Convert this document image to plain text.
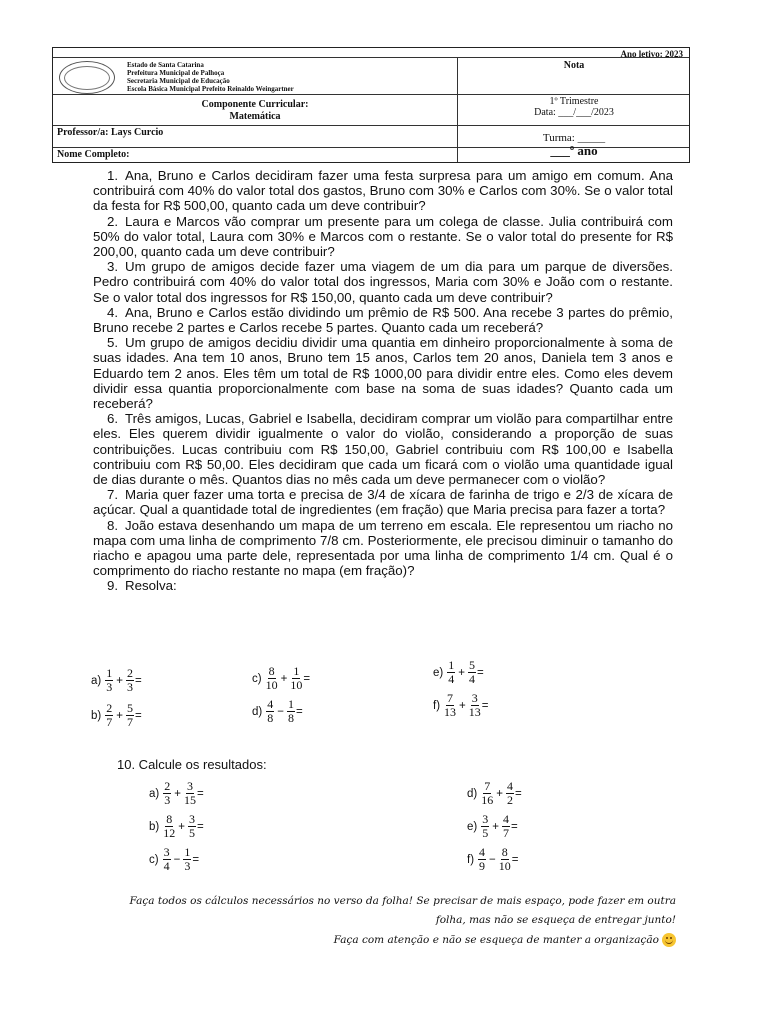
Ano letivo: 2023
Estado de Santa Catarina
Prefeitura Municipal de Palhoça
Secretaria Municipal de Educação
Escola Básica Municipal Prefeito Reinaldo Weingartner
Nota
Componente Curricular:
Matemática
1º Trimestre
Data: ___/___/2023
Professor/a: Lays Curcio	Turma: _____
Nome Completo:	___º ano

1. Ana, Bruno e Carlos decidiram fazer uma festa surpresa para um amigo em comum. Ana contribuirá com 40% do valor total dos gastos, Bruno com 30% e Carlos com 30%. Se o valor total da festa for R$ 500,00, quanto cada um deve contribuir?

2. Laura e Marcos vão comprar um presente para um colega de classe. Julia contribuirá com 50% do valor total, Laura com 30% e Marcos com o restante. Se o valor total do presente for R$ 200,00, quanto cada um deve contribuir?

3. Um grupo de amigos decide fazer uma viagem de um dia para um parque de diversões. Pedro contribuirá com 40% do valor total dos ingressos, Maria com 30% e João com o restante. Se o valor total dos ingressos for R$ 150,00, quanto cada um deve contribuir?

4. Ana, Bruno e Carlos estão dividindo um prêmio de R$ 500. Ana recebe 3 partes do prêmio, Bruno recebe 2 partes e Carlos recebe 5 partes. Quanto cada um receberá?

5. Um grupo de amigos decidiu dividir uma quantia em dinheiro proporcionalmente à soma de suas idades. Ana tem 10 anos, Bruno tem 15 anos, Carlos tem 20 anos, Daniela tem 3 anos e Eduardo tem 2 anos. Eles têm um total de R$ 1000,00 para dividir entre eles. Como eles devem dividir essa quantia proporcionalmente com base na soma de suas idades? Quanto cada um receberá?

6. Três amigos, Lucas, Gabriel e Isabella, decidiram comprar um violão para compartilhar entre eles. Eles querem dividir igualmente o valor do violão, considerando a proporção de suas contribuições. Lucas contribuiu com R$ 150,00, Gabriel contribuiu com R$ 100,00 e Isabella contribuiu com R$ 50,00. Eles decidiram que cada um ficará com o violão uma quantidade igual de dias durante o mês. Quantos dias no mês cada um deve permanecer com o violão?

7. Maria quer fazer uma torta e precisa de 3/4 de xícara de farinha de trigo e 2/3 de xícara de açúcar. Qual a quantidade total de ingredientes (em fração) que Maria precisa para fazer a torta?

8. João estava desenhando um mapa de um terreno em escala. Ele representou um riacho no mapa com uma linha de comprimento 7/8 cm. Posteriormente, ele precisou diminuir o tamanho do riacho e apagou uma parte dele, representada por uma linha de comprimento 1/4 cm. Qual é o comprimento do riacho restante no mapa (em fração)?

9. Resolva:

$a) \frac{1}{3} + \frac{2}{3}$ =
$b) \frac{2}{7} + \frac{5}{7}$ =
$c) \frac{8}{10} + \frac{1}{10}$ =
$d) \frac{4}{8} - \frac{1}{8}$ =
$e) \frac{1}{4} + \frac{5}{4}$ =
$f) \frac{7}{13} + \frac{3}{13}$ =
10. Calcule os resultados:
$a) \frac{2}{3} + \frac{3}{15}$ =
$b) \frac{8}{12} + \frac{3}{5}$ =
$c) \frac{3}{4} - \frac{1}{3}$ =
$d) \frac{7}{16} + \frac{4}{2}$ =
$e) \frac{3}{5} + \frac{4}{7}$ =
$f) \frac{4}{9} - \frac{8}{10}$ =
Faça todos os cálculos necessários no verso da folha! Se precisar de mais espaço, pode fazer em outra
folha, mas não se esqueça de entregar junto!
Faça com atenção e não se esqueça de manter a organização
